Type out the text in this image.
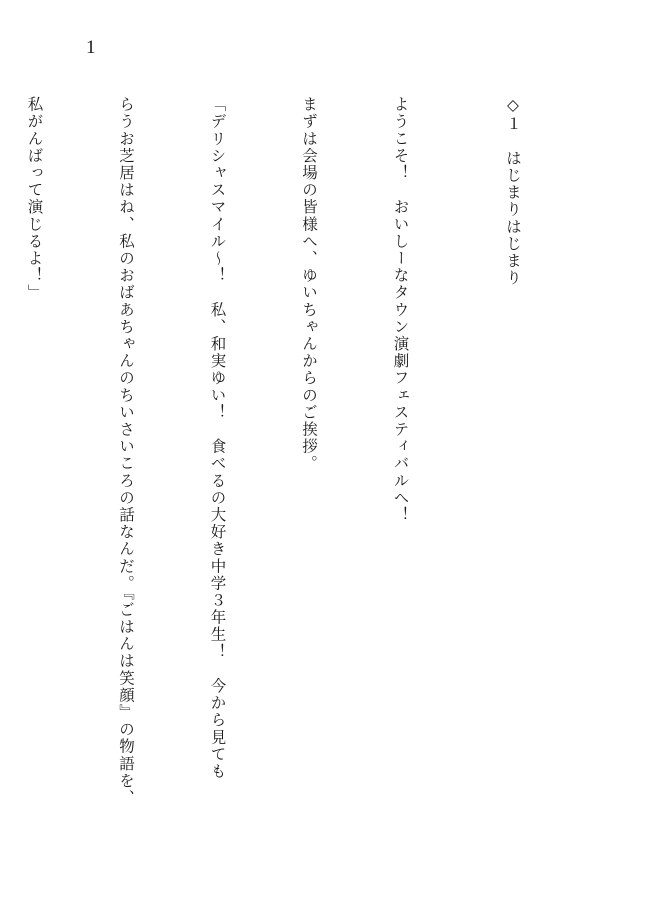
1

◇１　はじまりはじまり

ようこそ！　おいしーなタウン演劇フェスティバルへ！

まずは会場の皆様へ、ゆいちゃんからのご挨拶。

「デリシャスマイル～！　私、和実ゆい！　食べるの大好き中学３年生！　今から見ても

らうお芝居はね、私のおばあちゃんのちいさいころの話なんだ。『ごはんは笑顔』の物語を、

私がんばって演じるよ！」
